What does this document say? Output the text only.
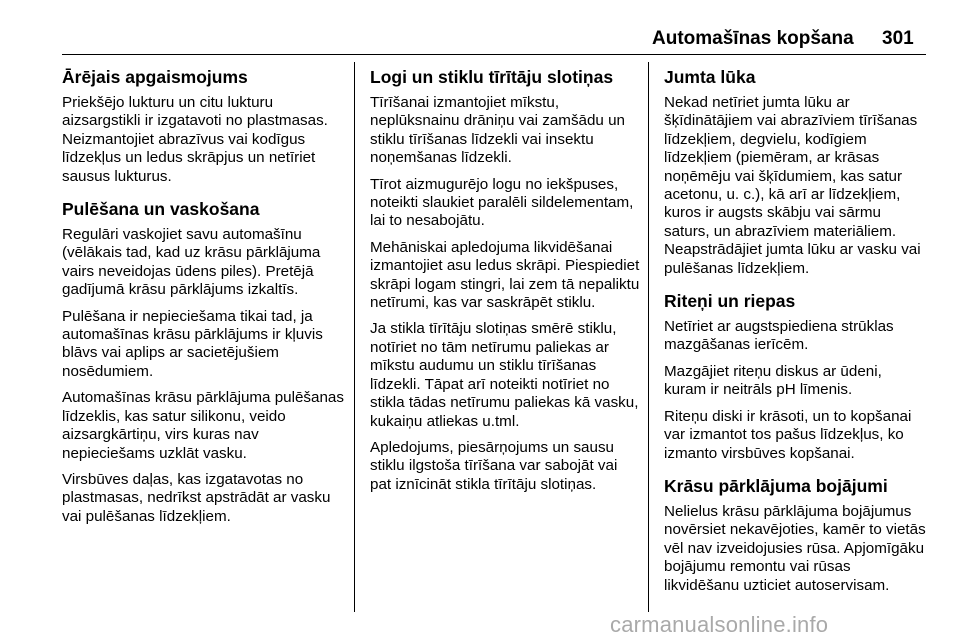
Automašīnas kopšana 301
Ārējais apgaismojums

Priekšējo lukturu un citu lukturu aizsargstikli ir izgatavoti no plastmasas. Neizmantojiet abrazīvus vai kodīgus līdzekļus un ledus skrāpjus un netīriet sausus lukturus.

Pulēšana un vaskošana

Regulāri vaskojiet savu automašīnu (vēlākais tad, kad uz krāsu pārklājuma vairs neveidojas ūdens piles). Pretējā gadījumā krāsu pārklājums izkaltīs.

Pulēšana ir nepieciešama tikai tad, ja automašīnas krāsu pārklājums ir kļuvis blāvs vai aplips ar sacietējušiem nosēdumiem.

Automašīnas krāsu pārklājuma pulēšanas līdzeklis, kas satur silikonu, veido aizsargkārtiņu, virs kuras nav nepieciešams uzklāt vasku.

Virsbūves daļas, kas izgatavotas no plastmasas, nedrīkst apstrādāt ar vasku vai pulēšanas līdzekļiem.

Logi un stiklu tīrītāju slotiņas

Tīrīšanai izmantojiet mīkstu, neplūksnainu drāniņu vai zamšādu un stiklu tīrīšanas līdzekli vai insektu noņemšanas līdzekli.

Tīrot aizmugurējo logu no iekšpuses, noteikti slaukiet paralēli sildelementam, lai to nesabojātu.

Mehāniskai apledojuma likvidēšanai izmantojiet asu ledus skrāpi. Piespiediet skrāpi logam stingri, lai zem tā nepaliktu netīrumi, kas var saskrāpēt stiklu.

Ja stikla tīrītāju slotiņas smērē stiklu, notīriet no tām netīrumu paliekas ar mīkstu audumu un stiklu tīrīšanas līdzekli. Tāpat arī noteikti notīriet no stikla tādas netīrumu paliekas kā vasku, kukaiņu atliekas u.tml.

Apledojums, piesārņojums un sausu stiklu ilgstoša tīrīšana var sabojāt vai pat iznīcināt stikla tīrītāju slotiņas.

Jumta lūka

Nekad netīriet jumta lūku ar šķīdinātājiem vai abrazīviem tīrīšanas līdzekļiem, degvielu, kodīgiem līdzekļiem (piemēram, ar krāsas noņēmēju vai šķīdumiem, kas satur acetonu, u. c.), kā arī ar līdzekļiem, kuros ir augsts skābju vai sārmu saturs, un abrazīviem materiāliem. Neapstrādājiet jumta lūku ar vasku vai pulēšanas līdzekļiem.

Riteņi un riepas

Netīriet ar augstspiediena strūklas mazgāšanas ierīcēm.

Mazgājiet riteņu diskus ar ūdeni, kuram ir neitrāls pH līmenis.

Riteņu diski ir krāsoti, un to kopšanai var izmantot tos pašus līdzekļus, ko izmanto virsbūves kopšanai.

Krāsu pārklājuma bojājumi

Nelielus krāsu pārklājuma bojājumus novērsiet nekavējoties, kamēr to vietās vēl nav izveidojusies rūsa. Apjomīgāku bojājumu remontu vai rūsas likvidēšanu uzticiet autoservisam.

carmanualsonline.info
